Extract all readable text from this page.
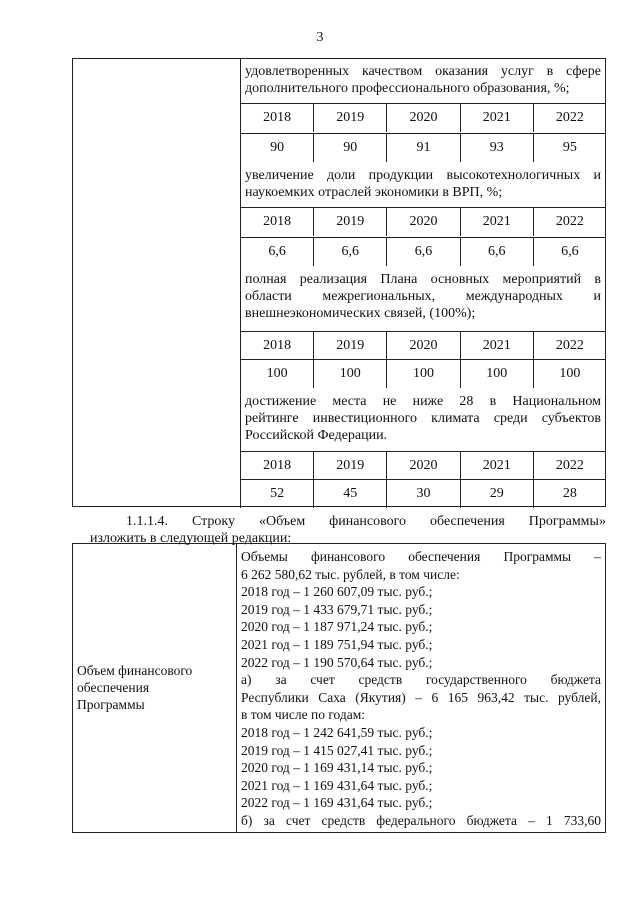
3
удовлетворенных качеством оказания услуг в сфере
дополнительного профессионального образования, %;
2018	2019	2020	2021	2022
90	90	91	93	95
увеличение доли продукции высокотехнологичных и
наукоемких отраслей экономики в ВРП, %;
2018	2019	2020	2021	2022
6,6	6,6	6,6	6,6	6,6
полная реализация Плана основных мероприятий в
области межрегиональных, международных и
внешнеэкономических связей, (100%);
2018	2019	2020	2021	2022
100	100	100	100	100
достижение места не ниже 28 в Национальном
рейтинге инвестиционного климата среди субъектов
Российской Федерации.
2018	2019	2020	2021	2022
52	45	30	29	28
1.1.1.4. Строку «Объем финансового обеспечения Программы»
изложить в следующей редакции:
Объем финансового
обеспечения
Программы
Объемы финансового обеспечения Программы –
6 262 580,62 тыс. рублей, в том числе:
2018 год – 1 260 607,09 тыс. руб.;
2019 год – 1 433 679,71 тыс. руб.;
2020 год – 1 187 971,24 тыс. руб.;
2021 год – 1 189 751,94 тыс. руб.;
2022 год – 1 190 570,64 тыс. руб.;
а) за счет средств государственного бюджета
Республики Саха (Якутия) – 6 165 963,42 тыс. рублей,
в том числе по годам:
2018 год – 1 242 641,59 тыс. руб.;
2019 год – 1 415 027,41 тыс. руб.;
2020 год – 1 169 431,14 тыс. руб.;
2021 год – 1 169 431,64 тыс. руб.;
2022 год – 1 169 431,64 тыс. руб.;
б) за счет средств федерального бюджета – 1 733,60
